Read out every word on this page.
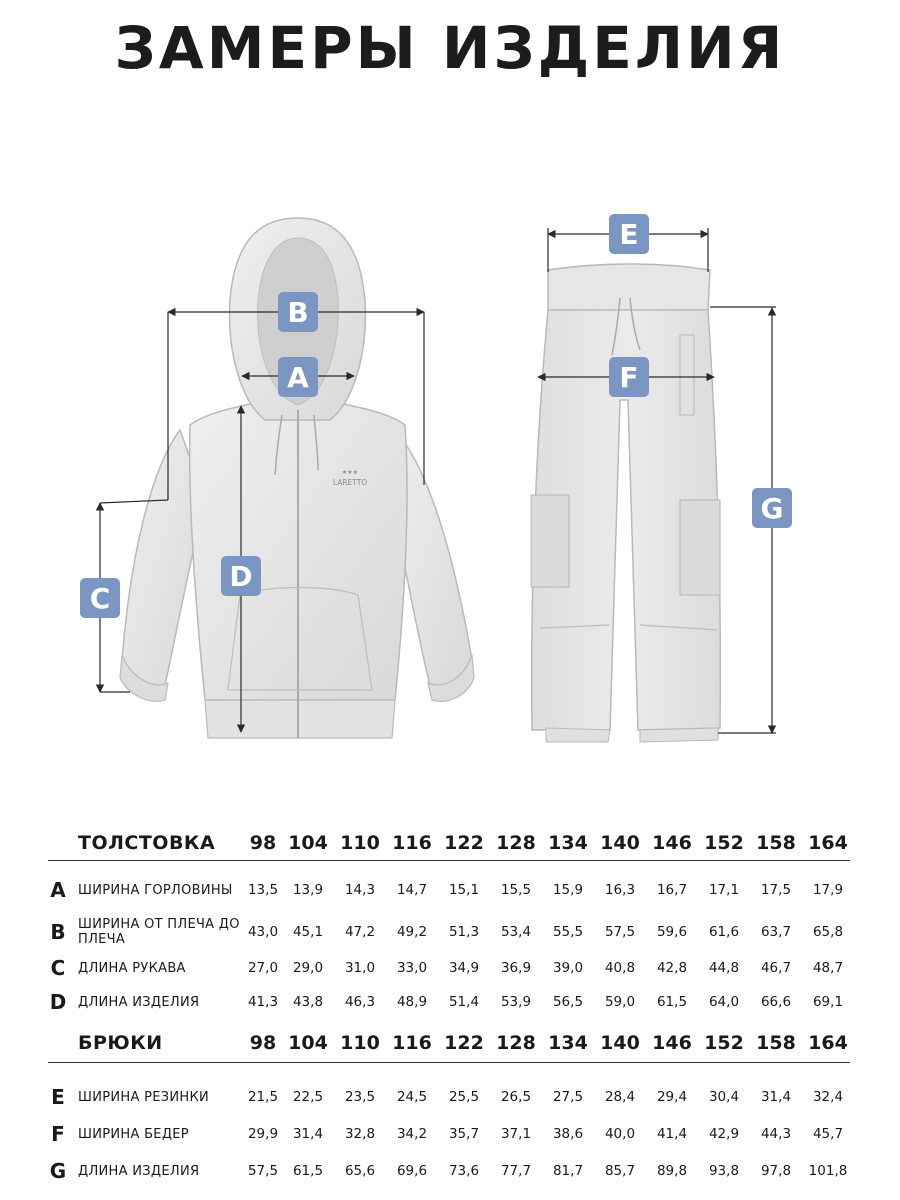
ЗАМЕРЫ ИЗДЕЛИЯ
★★★
LARETTO
B
A
D
C
E
F
G
ТОЛСТОВКА	98 104 110 116 122 128 134 140 146 152 158 164
A ШИРИНА ГОРЛОВИНЫ	13,5	13,9	14,3	14,7	15,1	15,5	15,9	16,3	16,7	17,1	17,5	17,9
B ШИРИНА ОТ ПЛЕЧА ДО ПЛЕЧА	43,0	45,1	47,2	49,2	51,3	53,4	55,5	57,5	59,6	61,6	63,7	65,8
C ДЛИНА РУКАВА	27,0	29,0	31,0	33,0	34,9	36,9	39,0	40,8	42,8	44,8	46,7	48,7
D ДЛИНА ИЗДЕЛИЯ	41,3	43,8	46,3	48,9	51,4	53,9	56,5	59,0	61,5	64,0	66,6	69,1
БРЮКИ	98 104 110 116 122 128 134 140 146 152 158 164
E	ШИРИНА РЕЗИНКИ	21,5	22,5	23,5	24,5	25,5	26,5	27,5	28,4	29,4	30,4	31,4	32,4
F	ШИРИНА БЕДЕР	29,9	31,4	32,8	34,2	35,7	37,1	38,6	40,0	41,4	42,9	44,3	45,7
G ДЛИНА ИЗДЕЛИЯ	57,5	61,5	65,6	69,6	73,6	77,7	81,7	85,7	89,8	93,8	97,8	101,8
